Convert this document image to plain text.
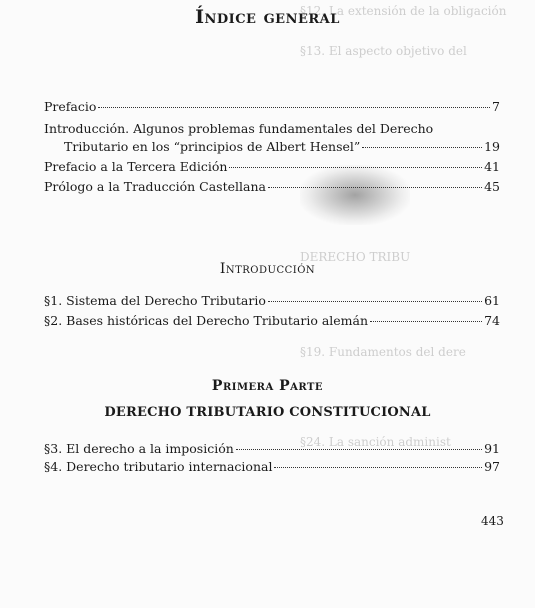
§12. La extensión de la obligación
§13. El aspecto objetivo del
DERECHO TRIBU
§19. Fundamentos del dere
§24. La sanción administ
Índice general
Prefacio	7
Introducción. Algunos problemas fundamentales del Derecho
Tributario en los “principios de Albert Hensel”	19
Prefacio a la Tercera Edición	41
Prólogo a la Traducción Castellana	45
Introducción
§1. Sistema del Derecho Tributario	61
§2. Bases históricas del Derecho Tributario alemán	74
Primera Parte
DERECHO TRIBUTARIO CONSTITUCIONAL
§3. El derecho a la imposición	91
§4. Derecho tributario internacional	97
443
